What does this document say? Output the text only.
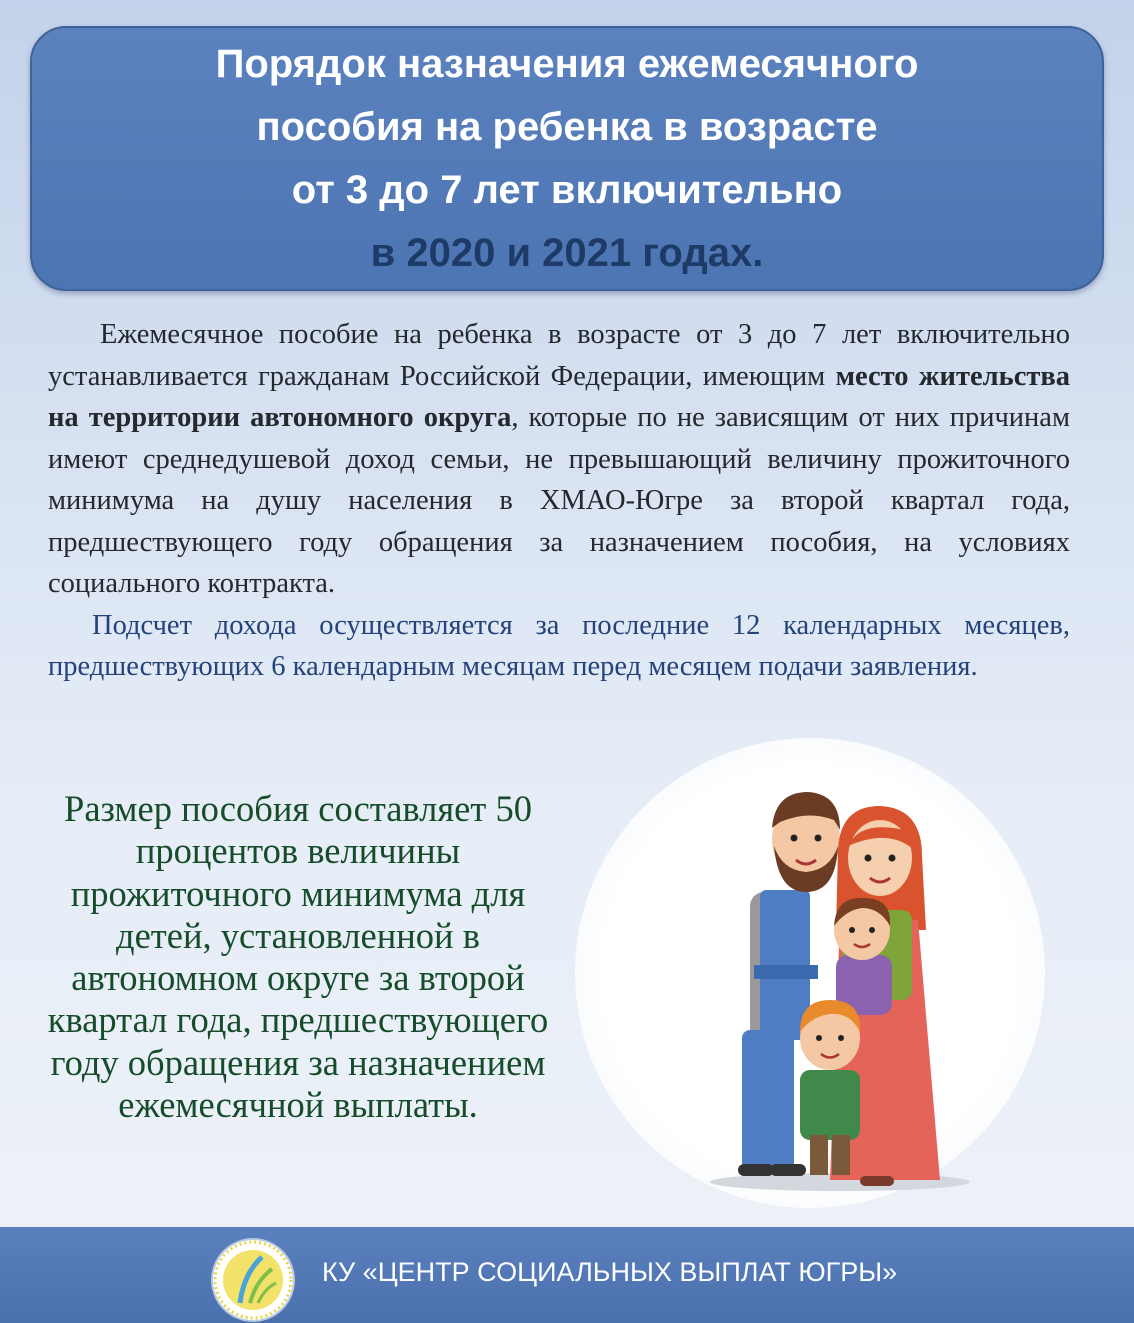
Порядок назначения ежемесячного
пособия на ребенка в возрасте
от 3 до 7 лет включительно
в 2020 и 2021 годах.

Ежемесячное пособие на ребенка в возрасте от 3 до 7 лет включительно устанавливается гражданам Российской Федерации, имеющим место жительства на территории автономного округа, которые по не зависящим от них причинам имеют среднедушевой доход семьи, не превышающий величину прожиточного минимума на душу населения в ХМАО-Югре за второй квартал года, предшествующего году обращения за назначением пособия, на условиях социального контракта.

Подсчет дохода осуществляется за последние 12 календарных месяцев, предшествующих 6 календарным месяцам перед месяцем подачи заявления.

Размер пособия составляет 50 процентов величины прожиточного минимума для детей, установленной в автономном округе за второй квартал года, предшествующего году обращения за назначением ежемесячной выплаты.
КУ «ЦЕНТР СОЦИАЛЬНЫХ ВЫПЛАТ ЮГРЫ»
